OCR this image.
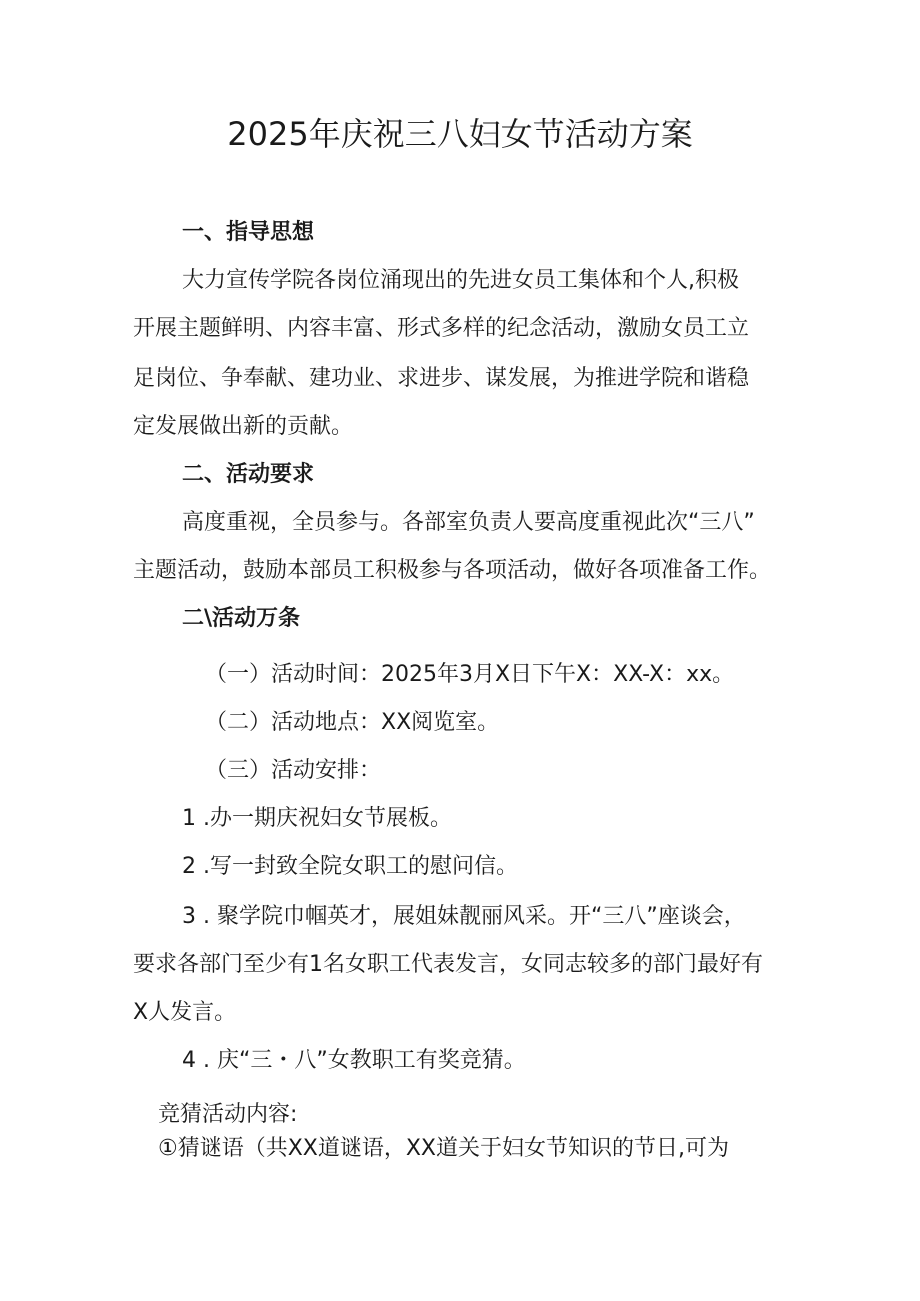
2025年庆祝三八妇女节活动方案
一、指导思想
大力宣传学院各岗位涌现出的先进女员工集体和个人,积极
开展主题鲜明、内容丰富、形式多样的纪念活动，激励女员工立
足岗位、争奉献、建功业、求进步、谋发展，为推进学院和谐稳
定发展做出新的贡献。
二、活动要求
高度重视，全员参与。各部室负责人要高度重视此次“三八”
主题活动，鼓励本部员工积极参与各项活动，做好各项准备工作。
二\活动万条
（一）活动时间：2025年3月X日下午X：XX-X：xx。
（二）活动地点：XX阅览室。
（三）活动安排：
1 .办一期庆祝妇女节展板。
2 .写一封致全院女职工的慰问信。
3 . 聚学院巾帼英才，展姐妹靓丽风采。开“三八”座谈会，
要求各部门至少有1名女职工代表发言，女同志较多的部门最好有
X人发言。
4 . 庆“三・八”女教职工有奖竞猜。
竞猜活动内容:
①猜谜语（共XX道谜语，XX道关于妇女节知识的节日,可为
